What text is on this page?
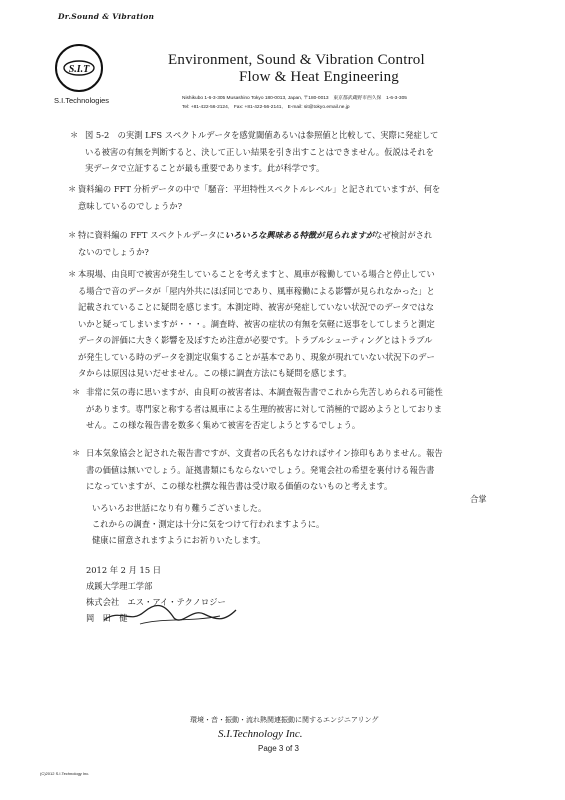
Dr.Sound & Vibration
S.I.T
S.I.Technologies
Environment, Sound & Vibration Control
Flow & Heat Engineering
Nishikubo 1-6-3-305 Musashino Tokyo 180-0013, Japan, 〒180-0013　東京都武蔵野市西久保　1-6-3-305
Tel: +81-422-56-2124,　Fax: +81-422-56-2141,　E-mail: sit@tokyo.email.ne.jp
＊ 図 5-2　の実測 LFS スペクトルデータを感覚閾値あるいは参照値と比較して、実際に発症して
いる被害の有無を判断すると、決して正しい結果を引き出すことはできません。仮説はそれを
実データで立証することが最も重要であります。此が科学です。
＊ 資料編の FFT 分析データの中で「騒音：平坦特性スペクトルレベル」と記されていますが、何を
意味しているのでしょうか?
＊ 特に資料編の FFT スペクトルデータにいろいろな興味ある特徴が見られますがなぜ検討がされ
ないのでしょうか?
＊ 本現場、由良町で被害が発生していることを考えますと、風車が稼働している場合と停止してい
る場合で音のデータが「屋内外共にほぼ同じであり、風車稼働による影響が見られなかった」と
記載されていることに疑問を感じます。本測定時、被害が発症していない状況でのデータではな
いかと疑ってしまいますが・・・。調査時、被害の症状の有無を気軽に返事をしてしまうと測定
データの評価に大きく影響を及ぼすため注意が必要です。トラブルシューティングとはトラブル
が発生している時のデータを測定収集することが基本であり、現象が現れていない状況下のデー
タからは原因は見いだせません。この様に調査方法にも疑問を感じます。
＊ 非常に気の毒に思いますが、由良町の被害者は、本調査報告書でこれから先苦しめられる可能性
があります。専門家と称する者は風車による生理的被害に対して消極的で認めようとしておりま
せん。この様な報告書を数多く集めて被害を否定しようとするでしょう。
＊ 日本気象協会と記された報告書ですが、文責者の氏名もなければサイン捺印もありません。報告
書の価値は無いでしょう。証拠書類にもならないでしょう。発電会社の希望を裏付ける報告書
になっていますが、この様な杜撰な報告書は受け取る価値のないものと考えます。
合掌
いろいろお世話になり有り難うございました。
これからの調査・測定は十分に気をつけて行われますように。
健康に留意されますようにお祈りいたします。
2012 年 2 月 15 日
成蹊大学理工学部
株式会社　エス・アイ・テクノロジー
岡　田　健
環境・音・振動・流れ熱関連振動に関するエンジニアリング
S.I.Technology Inc.
Page 3 of 3
(C)2012 S.I.Technology Inc.
